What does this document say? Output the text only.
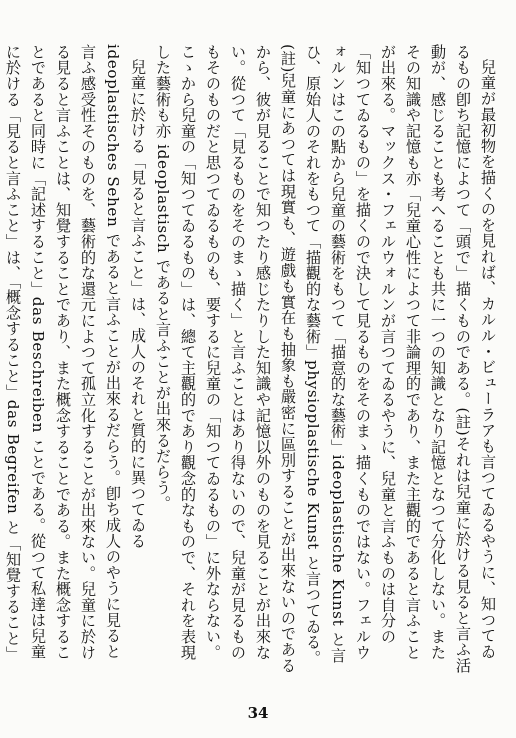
兒童が最初物を描くのを見れば、カルル・ビューラアも言つてゐるやうに、知つてゐるもの卽ち記憶によつて「頭で」描くものである。(註)それは兒童に於ける見ると言ふ活動が、感じることも考へることも共に一つの知識となり記憶となつて分化しない。またその知識や記憶も亦「兒童心性によつて非論理的であり、また主觀的であると言ふことが出來る。マックス・フェルウォルンが言つてゐるやうに、兒童と言ふものは自分の「知つてゐるもの」を描くので決して見るものをそのまゝ描くものではない。フェルウォルンはこの點から兒童の藝術をもつて「描意的な藝術」ideoplastische Kunst と言ひ、原始人のそれをもつて「描觀的な藝術」physioplastische Kunst と言つてゐる。(註)兒童にあつては現實も、遊戲も實在も抽象も嚴密に區別することが出來ないのであるから、彼が見ることで知つたり感じたりした知識や記憶以外のものを見ることが出來ない。從つて「見るものをそのまゝ描く」と言ふことはあり得ないので、兒童が見るものもそのものだと思つてゐるものも、要するに兒童の「知つてゐるもの」に外ならない。こゝから兒童の「知つてゐるもの」は、總て主觀的であり觀念的なもので、それを表現した藝術も亦 ideoplastisch であると言ふことが出來るだらう。

兒童に於ける「見ると言ふこと」は、成人のそれと質的に異つてゐる ideoplastisches Sehen であると言ふことが出來るだらう。卽ち成人のやうに見ると言ふ感受性そのものを、藝術的な還元によつて孤立化することが出來ない。兒童に於ける見ると言ふことは、知覺することであり、また概念することである。また概念することであると同時に「記述すること」das Beschreiben ことである。從つて私達は兒童に於ける「見ると言ふこと」は、「概念すること」das Begreifen と「知覺すること」

34
